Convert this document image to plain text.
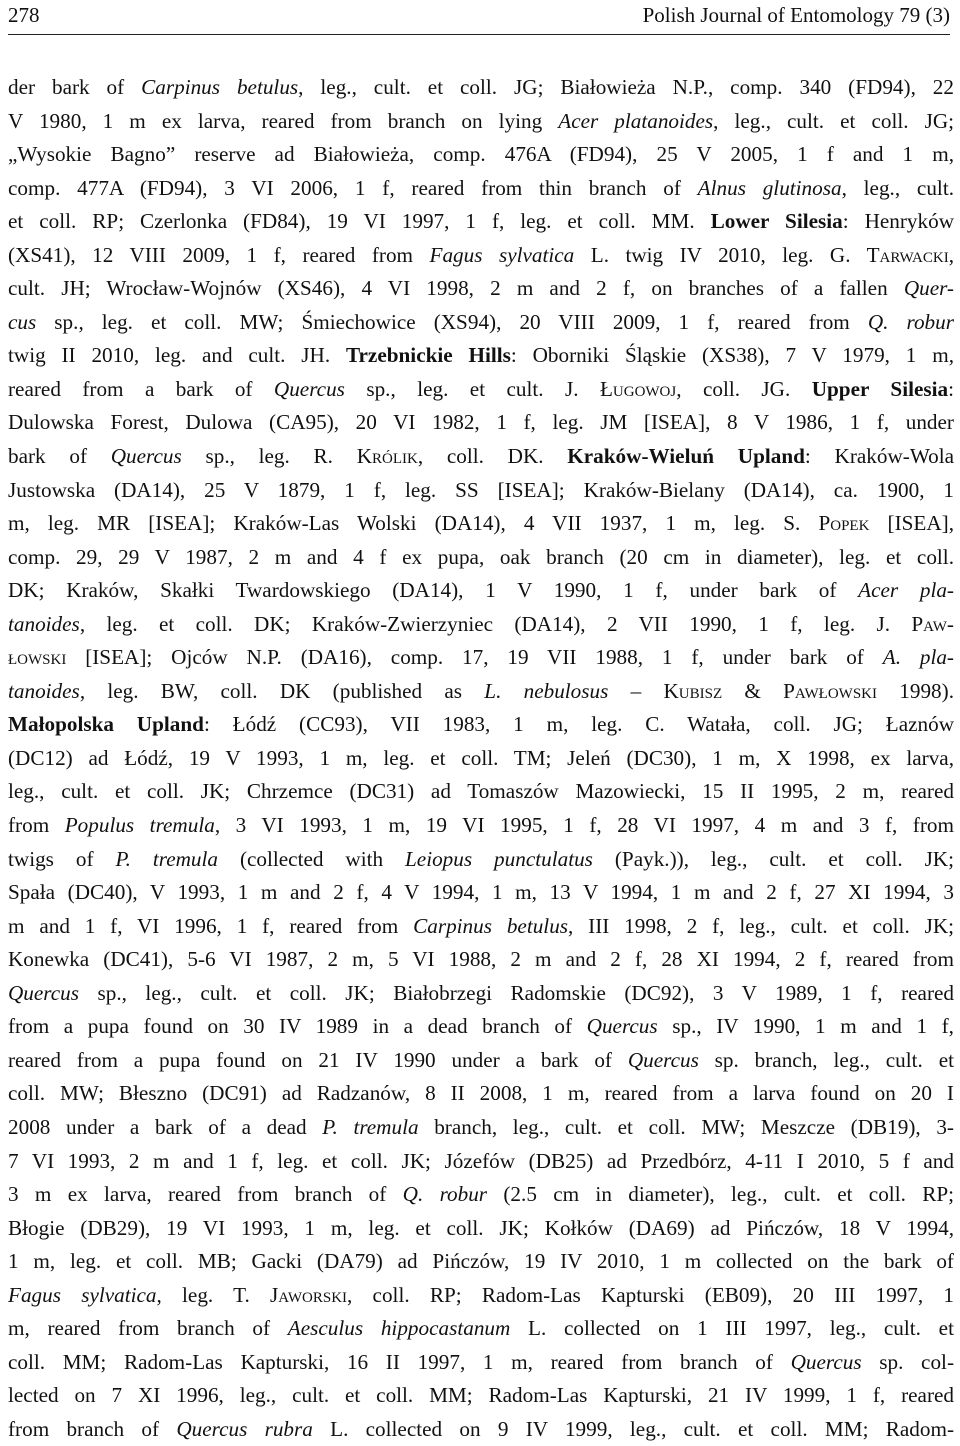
278	Polish Journal of Entomology 79 (3)
der bark of Carpinus betulus, leg., cult. et coll. JG; Białowieża N.P., comp. 340 (FD94), 22
V 1980, 1 m ex larva, reared from branch on lying Acer platanoides, leg., cult. et coll. JG;
„Wysokie Bagno” reserve ad Białowieża, comp. 476A (FD94), 25 V 2005, 1 f and 1 m,
comp. 477A (FD94), 3 VI 2006, 1 f, reared from thin branch of Alnus glutinosa, leg., cult.
et coll. RP; Czerlonka (FD84), 19 VI 1997, 1 f, leg. et coll. MM. Lower Silesia: Henryków
(XS41), 12 VIII 2009, 1 f, reared from Fagus sylvatica L. twig IV 2010, leg. G. Tarwacki,
cult. JH; Wrocław-Wojnów (XS46), 4 VI 1998, 2 m and 2 f, on branches of a fallen Quer-
cus sp., leg. et coll. MW; Śmiechowice (XS94), 20 VIII 2009, 1 f, reared from Q. robur
twig II 2010, leg. and cult. JH. Trzebnickie Hills: Oborniki Śląskie (XS38), 7 V 1979, 1 m,
reared from a bark of Quercus sp., leg. et cult. J. Ługowoj, coll. JG. Upper Silesia:
Dulowska Forest, Dulowa (CA95), 20 VI 1982, 1 f, leg. JM [ISEA], 8 V 1986, 1 f, under
bark of Quercus sp., leg. R. Królik, coll. DK. Kraków-Wieluń Upland: Kraków-Wola
Justowska (DA14), 25 V 1879, 1 f, leg. SS [ISEA]; Kraków-Bielany (DA14), ca. 1900, 1
m, leg. MR [ISEA]; Kraków-Las Wolski (DA14), 4 VII 1937, 1 m, leg. S. Popek [ISEA],
comp. 29, 29 V 1987, 2 m and 4 f ex pupa, oak branch (20 cm in diameter), leg. et coll.
DK; Kraków, Skałki Twardowskiego (DA14), 1 V 1990, 1 f, under bark of Acer pla-
tanoides, leg. et coll. DK; Kraków-Zwierzyniec (DA14), 2 VII 1990, 1 f, leg. J. Paw-
łowski [ISEA]; Ojców N.P. (DA16), comp. 17, 19 VII 1988, 1 f, under bark of A. pla-
tanoides, leg. BW, coll. DK (published as L. nebulosus – Kubisz & Pawłowski 1998).
Małopolska Upland: Łódź (CC93), VII 1983, 1 m, leg. C. Watała, coll. JG; Łaznów
(DC12) ad Łódź, 19 V 1993, 1 m, leg. et coll. TM; Jeleń (DC30), 1 m, X 1998, ex larva,
leg., cult. et coll. JK; Chrzemce (DC31) ad Tomaszów Mazowiecki, 15 II 1995, 2 m, reared
from Populus tremula, 3 VI 1993, 1 m, 19 VI 1995, 1 f, 28 VI 1997, 4 m and 3 f, from
twigs of P. tremula (collected with Leiopus punctulatus (Payk.)), leg., cult. et coll. JK;
Spała (DC40), V 1993, 1 m and 2 f, 4 V 1994, 1 m, 13 V 1994, 1 m and 2 f, 27 XI 1994, 3
m and 1 f, VI 1996, 1 f, reared from Carpinus betulus, III 1998, 2 f, leg., cult. et coll. JK;
Konewka (DC41), 5-6 VI 1987, 2 m, 5 VI 1988, 2 m and 2 f, 28 XI 1994, 2 f, reared from
Quercus sp., leg., cult. et coll. JK; Białobrzegi Radomskie (DC92), 3 V 1989, 1 f, reared
from a pupa found on 30 IV 1989 in a dead branch of Quercus sp., IV 1990, 1 m and 1 f,
reared from a pupa found on 21 IV 1990 under a bark of Quercus sp. branch, leg., cult. et
coll. MW; Błeszno (DC91) ad Radzanów, 8 II 2008, 1 m, reared from a larva found on 20 I
2008 under a bark of a dead P. tremula branch, leg., cult. et coll. MW; Meszcze (DB19), 3-
7 VI 1993, 2 m and 1 f, leg. et coll. JK; Józefów (DB25) ad Przedbórz, 4-11 I 2010, 5 f and
3 m ex larva, reared from branch of Q. robur (2.5 cm in diameter), leg., cult. et coll. RP;
Błogie (DB29), 19 VI 1993, 1 m, leg. et coll. JK; Kołków (DA69) ad Pińczów, 18 V 1994,
1 m, leg. et coll. MB; Gacki (DA79) ad Pińczów, 19 IV 2010, 1 m collected on the bark of
Fagus sylvatica, leg. T. Jaworski, coll. RP; Radom-Las Kapturski (EB09), 20 III 1997, 1
m, reared from branch of Aesculus hippocastanum L. collected on 1 III 1997, leg., cult. et
coll. MM; Radom-Las Kapturski, 16 II 1997, 1 m, reared from branch of Quercus sp. col-
lected on 7 XI 1996, leg., cult. et coll. MM; Radom-Las Kapturski, 21 IV 1999, 1 f, reared
from branch of Quercus rubra L. collected on 9 IV 1999, leg., cult. et coll. MM; Radom-
